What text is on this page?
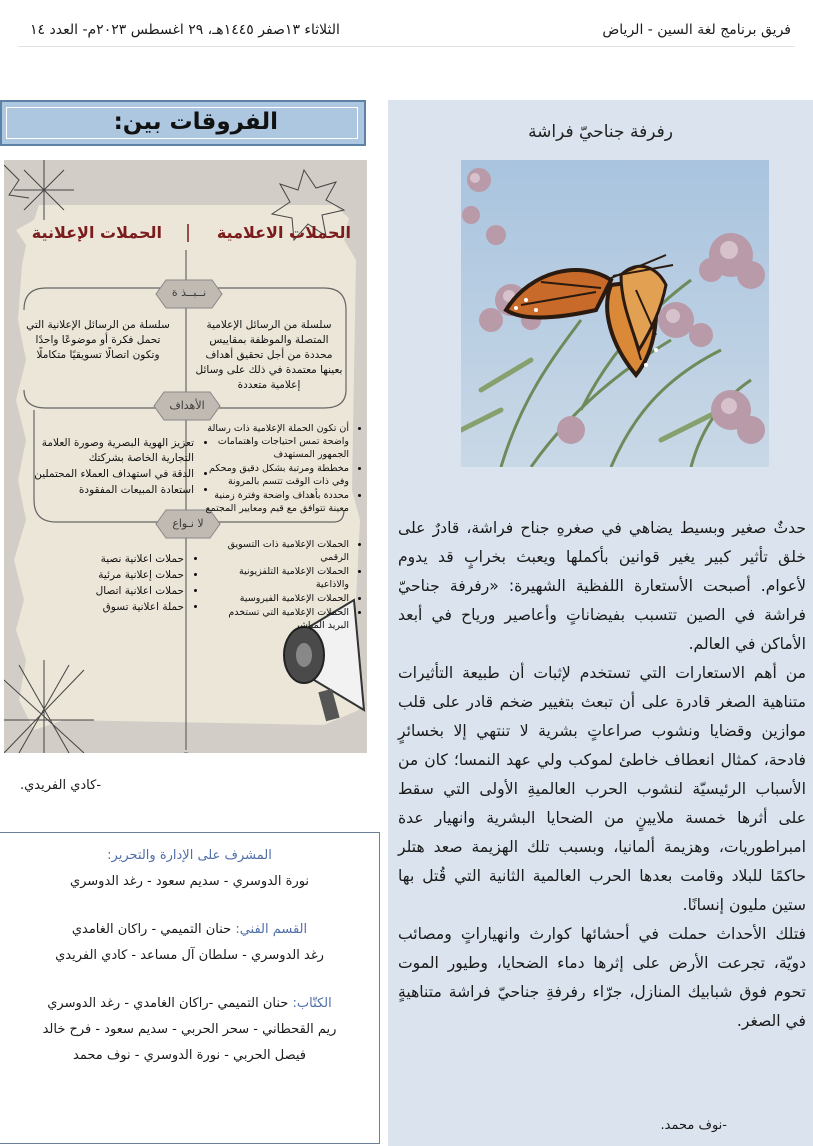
فريق برنامج لغة السين - الرياض
الثلاثاء ١٣صفر ١٤٤٥هـ، ٢٩ اغسطس ٢٠٢٣م- العدد ١٤
رفرفة جناحيّ فراشة

حدثٌ صغير وبسيط يضاهي في صغرهِ جناح فراشة، قادرٌ على خلق تأثير كبير يغير قوانين بأكملها ويعبث بخرابٍ قد يدوم لأعوام. أصبحت الأستعارة اللفظية الشهيرة: «رفرفة جناحيّ فراشة في الصين تتسبب بفيضاناتٍ وأعاصير ورياح في أبعد الأماكن في العالم.

من أهم الاستعارات التي تستخدم لإثبات أن طبيعة التأثيرات متناهية الصغر قادرة على أن تبعث بتغيير ضخم قادر على قلب موازين وقضايا ونشوب صراعاتٍ بشرية لا تنتهي إلا بخسائرٍ فادحة، كمثال انعطاف خاطئ لموكب ولي عهد النمسا؛ كان من الأسباب الرئيسيّة لنشوب الحرب العالميةِ الأولى التي سقط على أثرها خمسة ملايينٍ من الضحايا البشرية وانهيار عدة امبراطوريات، وهزيمة ألمانيا، وبسبب تلك الهزيمة صعد هتلر حاكمًا للبلاد وقامت بعدها الحرب العالمية الثانية التي قُتل بها ستين مليون إنسانًا.

فتلك الأحداث حملت في أحشائها كوارث وانهياراتٍ ومصائب دويّة، تجرعت الأرض على إثرها دماء الضحايا، وطيور الموت تحوم فوق شبابيك المنازل، جرّاء رفرفةِ جناحيّ فراشة متناهيةٍ في الصغر.

-نوف محمد.
الفروقات بين:
الحملات الاعلامية
الحملات الإعلانية
نــبــذ ة
الأهداف
لا نـواع
سلسلة من الرسائل الإعلامية المتصلة والموظفة بمقاييس محددة من أجل تحقيق أهداف بعينها معتمدة في ذلك على وسائل إعلامية متعددة
سلسلة من الرسائل الإعلانية التي تحمل فكرة أو موضوعًا واحدًا وتكون اتصالًا تسويقيًا متكاملًا
• أن تكون الحملة الإعلامية ذات رسالة واضحة تمس احتياجات واهتمامات الجمهور المستهدف
• مخططة ومرتبة بشكل دقيق ومحكم وفي ذات الوقت تتسم بالمرونة
• محددة بأهداف واضحة وفترة زمنية معينة تتوافق مع قيم ومعايير المجتمع
• تعزيز الهوية البصرية وصورة العلامة التجارية الخاصة بشركتك
• الدقة في استهداف العملاء المحتملين
• استعادة المبيعات المفقودة
• الحملات الإعلامية ذات التسويق الرقمي
• الحملات الإعلامية التلفزيونية والاذاعية
• الحملات الإعلامية الفيروسية
• الحملات الإعلامية التي تستخدم البريد المباشر
• حملات اعلانية نصية
• حملات إعلانية مرئية
• حملات اعلانية اتصال
• حملة اعلانية تسوق
-كادي الفريدي.
المشرف على الإدارة والتحرير:
نورة الدوسري - سديم سعود - رغد الدوسري
القسم الفني: حنان التميمي - راكان الغامدي
رغد الدوسري - سلطان آل مساعد - كادي الفريدي
الكتّاب: حنان التميمي -راكان الغامدي - رغد الدوسري
ريم القحطاني - سحر الحربي - سديم سعود - فرح خالد
فيصل الحربي - نورة الدوسري - نوف محمد
